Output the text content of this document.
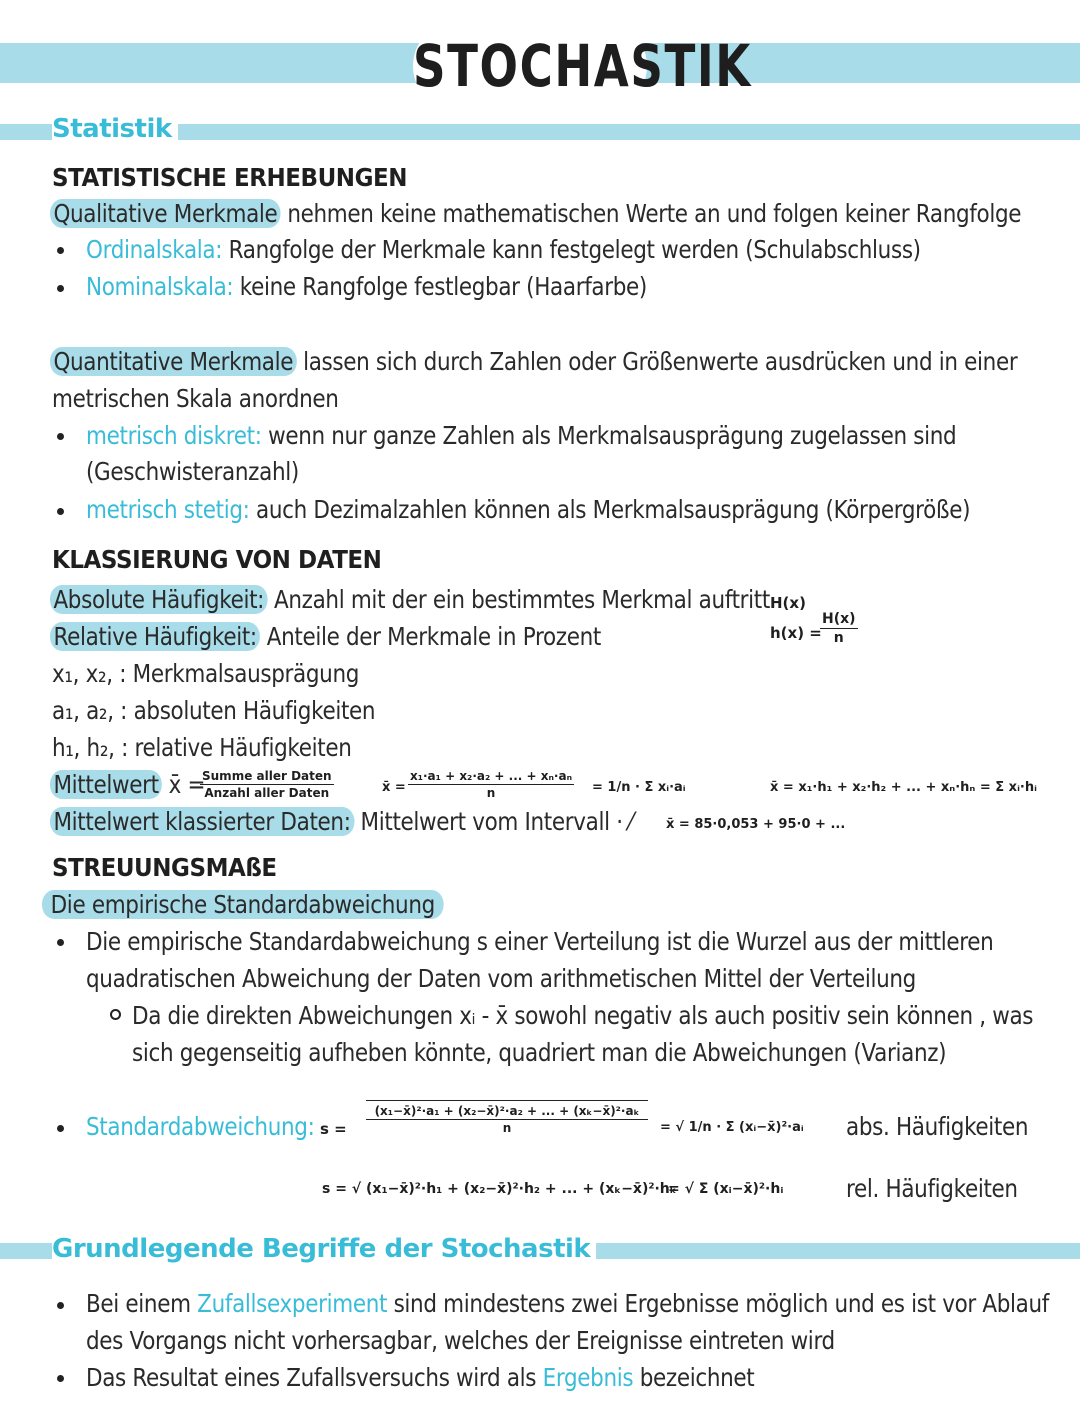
STOCHASTIK
Statistik
STATISTISCHE ERHEBUNGEN
Qualitative Merkmale nehmen keine mathematischen Werte an und folgen keiner Rangfolge
Ordinalskala: Rangfolge der Merkmale kann festgelegt werden (Schulabschluss)
Nominalskala: keine Rangfolge festlegbar (Haarfarbe)
Quantitative Merkmale lassen sich durch Zahlen oder Größenwerte ausdrücken und in einer
metrischen Skala anordnen
metrisch diskret: wenn nur ganze Zahlen als Merkmalsausprägung zugelassen sind
(Geschwisteranzahl)
metrisch stetig: auch Dezimalzahlen können als Merkmalsausprägung (Körpergröße)
KLASSIERUNG VON DATEN
Absolute Häufigkeit: Anzahl mit der ein bestimmtes Merkmal auftritt H(x)
Relative Häufigkeit: Anteile der Merkmale in Prozent	h(x) =
$\frac{H(x)}{n}$
x₁, x₂, : Merkmalsausprägung
a₁, a₂, : absoluten Häufigkeiten
h₁, h₂, : relative Häufigkeiten
Mittelwert x̄ =
Summe aller Daten
Anzahl aller Daten	x̄ = $\frac{\text{x₁·a₁ + x₂·a₂ + ... + xₙ·aₙ}}{n} = 1/n \cdot \Sigma$ xᵢ·aᵢ	x̄ = x₁·h₁ + x₂·h₂ + ... + xₙ·hₙ = Σ xᵢ·hᵢ
Mittelwert klassierter Daten: Mittelwert vom Intervall · ⁄	x̄ = 85·0,053 + 95·0 + ...
STREUUNGSMAßE
Die empirische Standardabweichung
Die empirische Standardabweichung s einer Verteilung ist die Wurzel aus der mittleren
quadratischen Abweichung der Daten vom arithmetischen Mittel der Verteilung
Da die direkten Abweichungen xᵢ - x̄ sowohl negativ als auch positiv sein können , was
sich gegenseitig aufheben könnte, quadriert man die Abweichungen (Varianz)
Standardabweichung: $s = \frac{\text{(x₁−x̄)²·a₁ + (x₂−x̄)²·a₂ + ... + (xₖ−x̄)²·aₖ}}{n}$ = √ 1/n · Σ (xᵢ−x̄)²·aᵢ abs. Häufigkeiten
s = √ (x₁−x̄)²·h₁ + (x₂−x̄)²·h₂ + ... + (xₖ−x̄)²·hₖ
= √ Σ (xᵢ−x̄)²·hᵢ	rel. Häufigkeiten
Grundlegende Begriffe der Stochastik
Bei einem Zufallsexperiment sind mindestens zwei Ergebnisse möglich und es ist vor Ablauf
des Vorgangs nicht vorhersagbar, welches der Ereignisse eintreten wird
Das Resultat eines Zufallsversuchs wird als Ergebnis bezeichnet
